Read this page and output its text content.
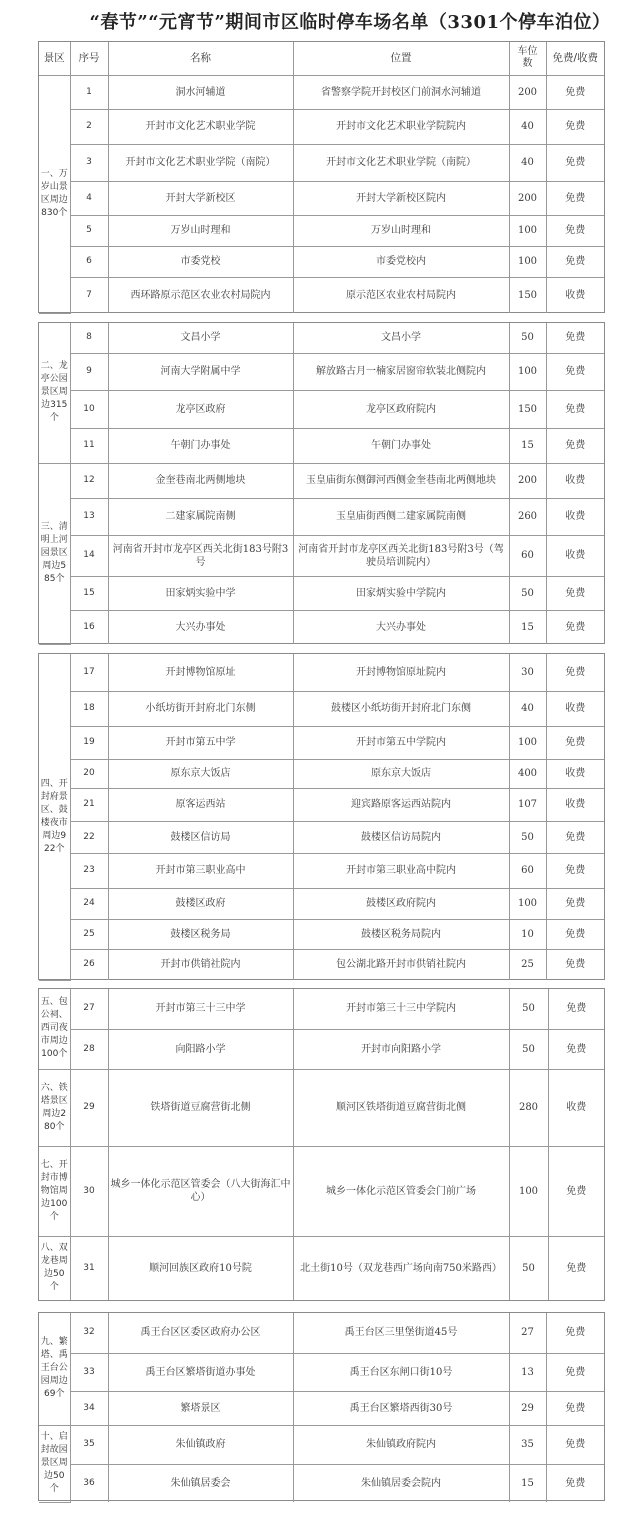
“春节”“元宵节”期间市区临时停车场名单（3301个停车泊位）
景区	序号	名称	位置	车位数	免费/收费
一、万岁山景区周边830个	1	洞水河辅道	省警察学院开封校区门前洞水河辅道	200	免费
	2	开封市文化艺术职业学院	开封市文化艺术职业学院院内	40	免费
	3	开封市文化艺术职业学院（南院）	开封市文化艺术职业学院（南院）	40	免费
	4	开封大学新校区	开封大学新校区院内	200	免费
	5	万岁山时理和	万岁山时理和	100	免费
	6	市委党校	市委党校内	100	免费
	7	西环路原示范区农业农村局院内	原示范区农业农村局院内	150	收费
二、龙亭公园景区周边315个	8	文昌小学	文昌小学	50	免费
	9	河南大学附属中学	解放路古月一楠家居窗帘软装北侧院内	100	免费
	10	龙亭区政府	龙亭区政府院内	150	免费
	11	午朝门办事处	午朝门办事处	15	免费
三、清明上河园景区周边585个	12	金奎巷南北两侧地块	玉皇庙街东侧御河西侧金奎巷南北两侧地块	200	收费
	13	二建家属院南侧	玉皇庙街西侧二建家属院南侧	260	收费
	14	河南省开封市龙亭区西关北街183号附3号	河南省开封市龙亭区西关北街183号附3号（驾驶员培训院内）	60	收费
	15	田家炳实验中学	田家炳实验中学院内	50	免费
	16	大兴办事处	大兴办事处	15	免费
四、开封府景区、鼓楼夜市周边922个	17	开封博物馆原址	开封博物馆原址院内	30	免费
	18	小纸坊街开封府北门东侧	鼓楼区小纸坊街开封府北门东侧	40	收费
	19	开封市第五中学	开封市第五中学院内	100	免费
	20	原东京大饭店	原东京大饭店	400	收费
	21	原客运西站	迎宾路原客运西站院内	107	收费
	22	鼓楼区信访局	鼓楼区信访局院内	50	免费
	23	开封市第三职业高中	开封市第三职业高中院内	60	免费
	24	鼓楼区政府	鼓楼区政府院内	100	免费
	25	鼓楼区税务局	鼓楼区税务局院内	10	免费
	26	开封市供销社院内	包公湖北路开封市供销社院内	25	免费
五、包公祠、西司夜市周边100个	27	开封市第三十三中学	开封市第三十三中学院内	50	免费
	28	向阳路小学	开封市向阳路小学	50	免费
六、铁塔景区周边280个	29	铁塔街道豆腐营街北侧	顺河区铁塔街道豆腐营街北侧	280	收费
七、开封市博物馆周边100个	30	城乡一体化示范区管委会（八大街海汇中心）	城乡一体化示范区管委会门前广场	100	免费
八、双龙巷周边50个	31	顺河回族区政府10号院	北土街10号（双龙巷西广场向南750米路西）	50	免费
九、繁塔、禹王台公园周边69个	32	禹王台区区委区政府办公区	禹王台区三里堡街道45号	27	免费
	33	禹王台区繁塔街道办事处	禹王台区东闸口街10号	13	免费
	34	繁塔景区	禹王台区繁塔西街30号	29	免费
十、启封故园景区周边50个	35	朱仙镇政府	朱仙镇政府院内	35	免费
	36	朱仙镇居委会	朱仙镇居委会院内	15	免费
